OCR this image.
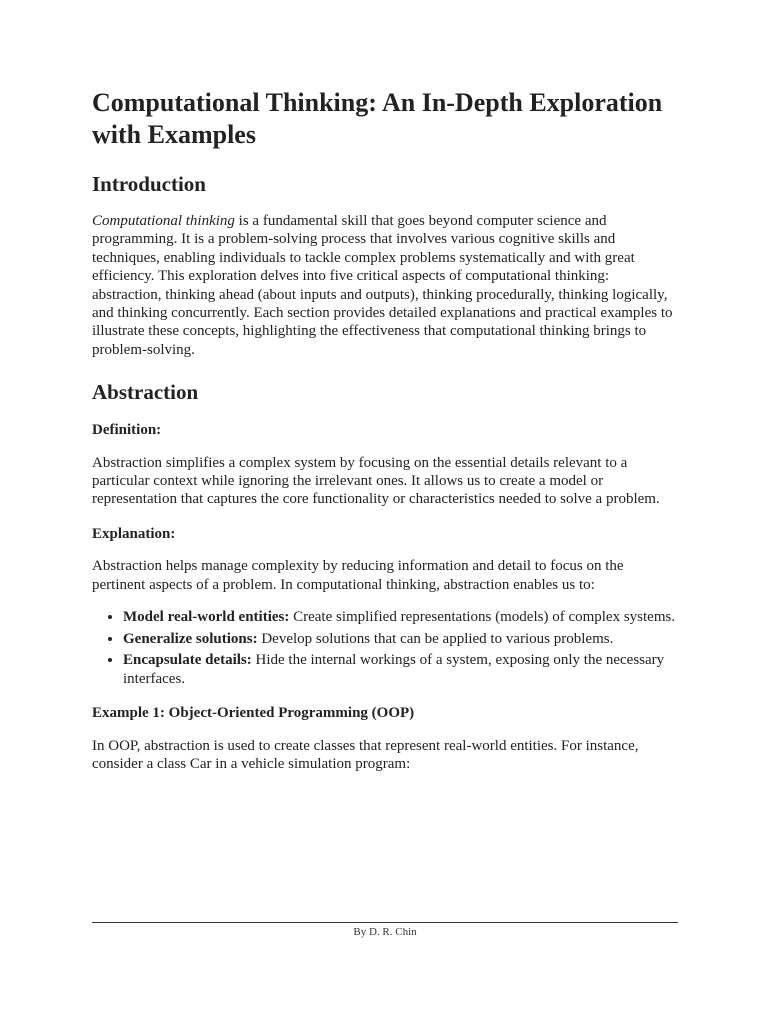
Computational Thinking: An In-Depth Exploration with Examples
Introduction

Computational thinking is a fundamental skill that goes beyond computer science and programming. It is a problem-solving process that involves various cognitive skills and techniques, enabling individuals to tackle complex problems systematically and with great efficiency. This exploration delves into five critical aspects of computational thinking: abstraction, thinking ahead (about inputs and outputs), thinking procedurally, thinking logically, and thinking concurrently. Each section provides detailed explanations and practical examples to illustrate these concepts, highlighting the effectiveness that computational thinking brings to problem-solving.

Abstraction

Definition:

Abstraction simplifies a complex system by focusing on the essential details relevant to a particular context while ignoring the irrelevant ones. It allows us to create a model or representation that captures the core functionality or characteristics needed to solve a problem.

Explanation:

Abstraction helps manage complexity by reducing information and detail to focus on the pertinent aspects of a problem. In computational thinking, abstraction enables us to:

• Model real-world entities: Create simplified representations (models) of complex systems.
• Generalize solutions: Develop solutions that can be applied to various problems.
• Encapsulate details: Hide the internal workings of a system, exposing only the necessary interfaces.

Example 1: Object-Oriented Programming (OOP)

In OOP, abstraction is used to create classes that represent real-world entities. For instance, consider a class Car in a vehicle simulation program:

By D. R. Chin
